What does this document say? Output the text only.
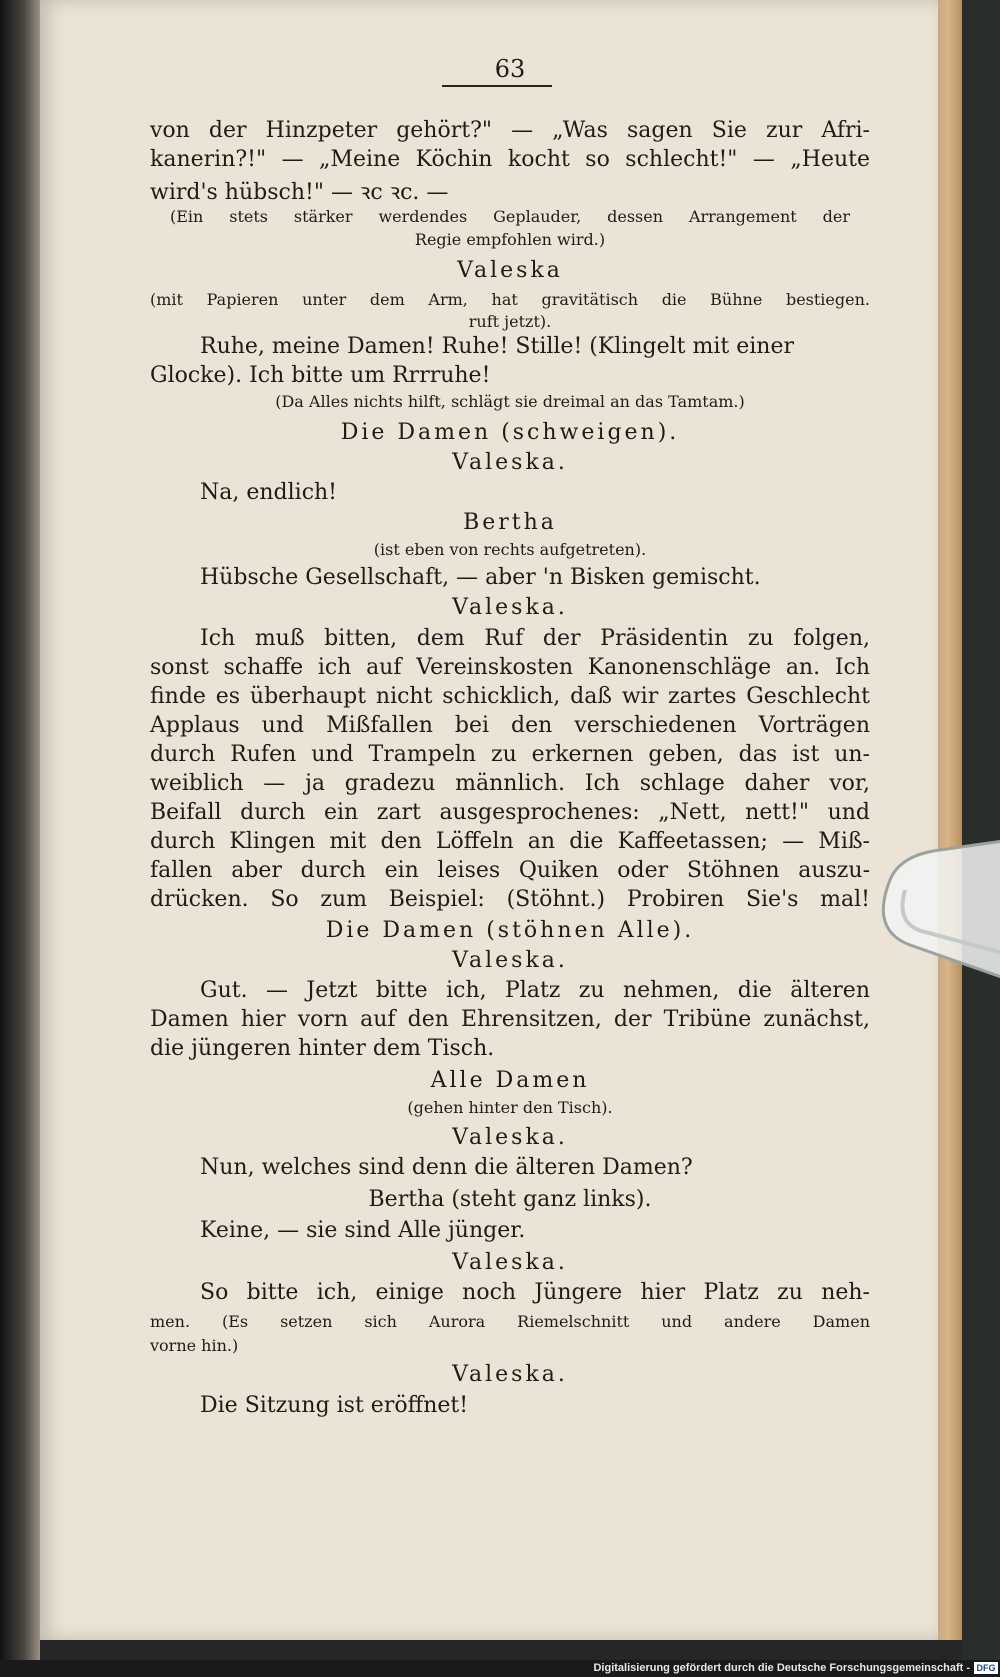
63
von der Hinzpeter gehört?" — „Was sagen Sie zur Afri-
kanerin?!" — „Meine Köchin kocht so schlecht!" — „Heute
wird's hübsch!" — ꝛc ꝛc. —
(Ein stets stärker werdendes Geplauder, dessen Arrangement der
Regie empfohlen wird.)
Valeska
(mit Papieren unter dem Arm, hat gravitätisch die Bühne bestiegen.
ruft jetzt).
Ruhe, meine Damen! Ruhe! Stille! (Klingelt mit einer
Glocke). Ich bitte um Rrrruhe!
(Da Alles nichts hilft, schlägt sie dreimal an das Tamtam.)
Die Damen (schweigen).
Valeska.
Na, endlich!
Bertha
(ist eben von rechts aufgetreten).
Hübsche Gesellschaft, — aber 'n Bisken gemischt.
Valeska.
Ich muß bitten, dem Ruf der Präsidentin zu folgen,
sonst schaffe ich auf Vereinskosten Kanonenschläge an. Ich
finde es überhaupt nicht schicklich, daß wir zartes Geschlecht
Applaus und Mißfallen bei den verschiedenen Vorträgen
durch Rufen und Trampeln zu erkernen geben, das ist un-
weiblich — ja gradezu männlich. Ich schlage daher vor,
Beifall durch ein zart ausgesprochenes: „Nett, nett!" und
durch Klingen mit den Löffeln an die Kaffeetassen; — Miß-
fallen aber durch ein leises Quiken oder Stöhnen auszu-
drücken. So zum Beispiel: (Stöhnt.) Probiren Sie's mal!
Die Damen (stöhnen Alle).
Valeska.
Gut. — Jetzt bitte ich, Platz zu nehmen, die älteren
Damen hier vorn auf den Ehrensitzen, der Tribüne zunächst,
die jüngeren hinter dem Tisch.
Alle Damen
(gehen hinter den Tisch).
Valeska.
Nun, welches sind denn die älteren Damen?
Bertha (steht ganz links).
Keine, — sie sind Alle jünger.
Valeska.
So bitte ich, einige noch Jüngere hier Platz zu neh-
men. (Es setzen sich Aurora Riemelschnitt und andere Damen
vorne hin.)
Valeska.
Die Sitzung ist eröffnet!
Digitalisierung gefördert durch die Deutsche Forschungsgemeinschaft - DFG
